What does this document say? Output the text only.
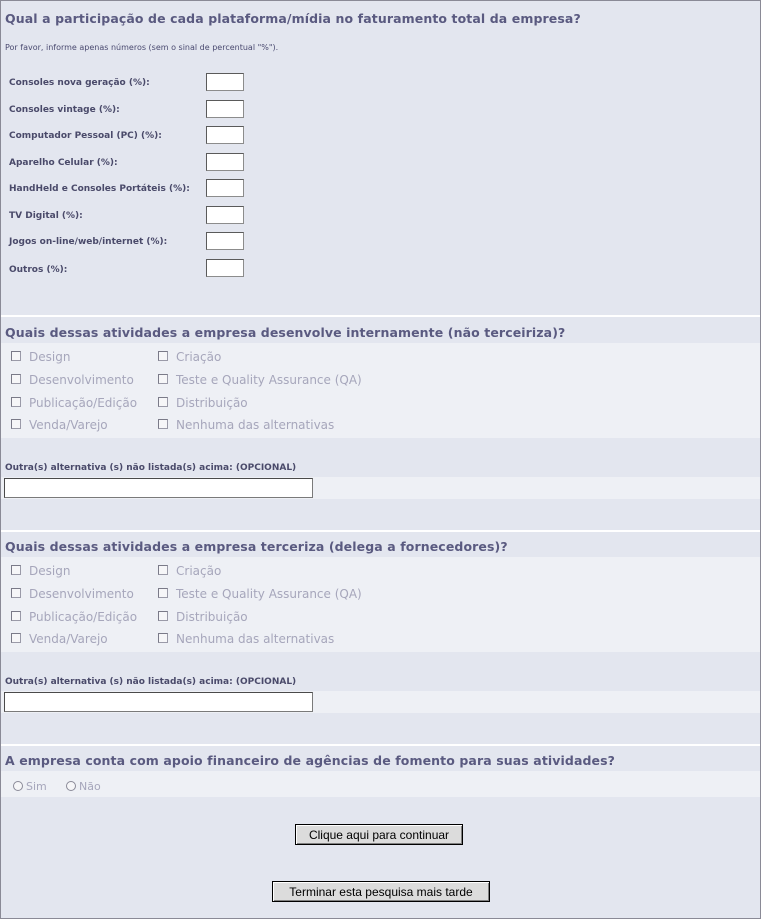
Qual a participação de cada plataforma/mídia no faturamento total da empresa?
Por favor, informe apenas números (sem o sinal de percentual "%").
Consoles nova geração (%):
Consoles vintage (%):
Computador Pessoal (PC) (%):
Aparelho Celular (%):
HandHeld e Consoles Portáteis (%):
TV Digital (%):
Jogos on-line/web/internet (%):
Outros (%):
Quais dessas atividades a empresa desenvolve internamente (não terceiriza)?
Design	Criação
Desenvolvimento	Teste e Quality Assurance (QA)
Publicação/Edição	Distribuição
Venda/Varejo	Nenhuma das alternativas
Outra(s) alternativa (s) não listada(s) acima: (OPCIONAL)
Quais dessas atividades a empresa terceriza (delega a fornecedores)?
Design	Criação
Desenvolvimento	Teste e Quality Assurance (QA)
Publicação/Edição	Distribuição
Venda/Varejo	Nenhuma das alternativas
Outra(s) alternativa (s) não listada(s) acima: (OPCIONAL)
A empresa conta com apoio financeiro de agências de fomento para suas atividades?
Sim	Não
Clique aqui para continuar
Terminar esta pesquisa mais tarde
